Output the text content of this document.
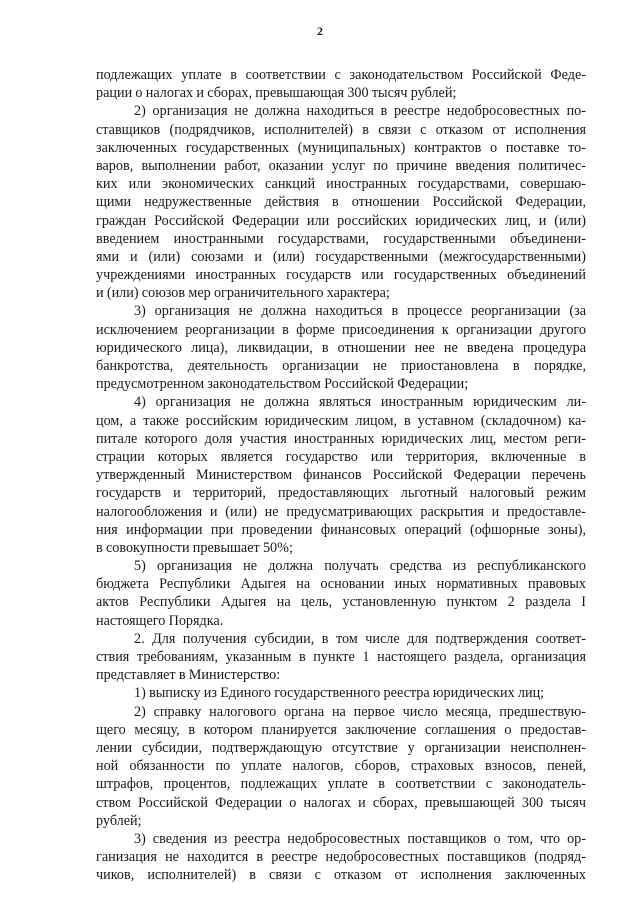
2
подлежащих уплате в соответствии с законодательством Российской Феде-
рации о налогах и сборах, превышающая 300 тысяч рублей;
2) организация не должна находиться в реестре недобросовестных по-
ставщиков (подрядчиков, исполнителей) в связи с отказом от исполнения
заключенных государственных (муниципальных) контрактов о поставке то-
варов, выполнении работ, оказании услуг по причине введения политичес-
ких или экономических санкций иностранных государствами, совершаю-
щими недружественные действия в отношении Российской Федерации,
граждан Российской Федерации или российских юридических лиц, и (или)
введением иностранными государствами, государственными объединени-
ями и (или) союзами и (или) государственными (межгосударственными)
учреждениями иностранных государств или государственных объединений
и (или) союзов мер ограничительного характера;
3) организация не должна находиться в процессе реорганизации (за
исключением реорганизации в форме присоединения к организации другого
юридического лица), ликвидации, в отношении нее не введена процедура
банкротства, деятельность организации не приостановлена в порядке,
предусмотренном законодательством Российской Федерации;
4) организация не должна являться иностранным юридическим ли-
цом, а также российским юридическим лицом, в уставном (складочном) ка-
питале которого доля участия иностранных юридических лиц, местом реги-
страции которых является государство или территория, включенные в
утвержденный Министерством финансов Российской Федерации перечень
государств и территорий, предоставляющих льготный налоговый режим
налогообложения и (или) не предусматривающих раскрытия и предоставле-
ния информации при проведении финансовых операций (офшорные зоны),
в совокупности превышает 50%;
5) организация не должна получать средства из республиканского
бюджета Республики Адыгея на основании иных нормативных правовых
актов Республики Адыгея на цель, установленную пунктом 2 раздела I
настоящего Порядка.
2. Для получения субсидии, в том числе для подтверждения соответ-
ствия требованиям, указанным в пункте 1 настоящего раздела, организация
представляет в Министерство:
1) выписку из Единого государственного реестра юридических лиц;
2) справку налогового органа на первое число месяца, предшествую-
щего месяцу, в котором планируется заключение соглашения о предостав-
лении субсидии, подтверждающую отсутствие у организации неисполнен-
ной обязанности по уплате налогов, сборов, страховых взносов, пеней,
штрафов, процентов, подлежащих уплате в соответствии с законодатель-
ством Российской Федерации о налогах и сборах, превышающей 300 тысяч
рублей;
3) сведения из реестра недобросовестных поставщиков о том, что ор-
ганизация не находится в реестре недобросовестных поставщиков (подряд-
чиков, исполнителей) в связи с отказом от исполнения заключенных
